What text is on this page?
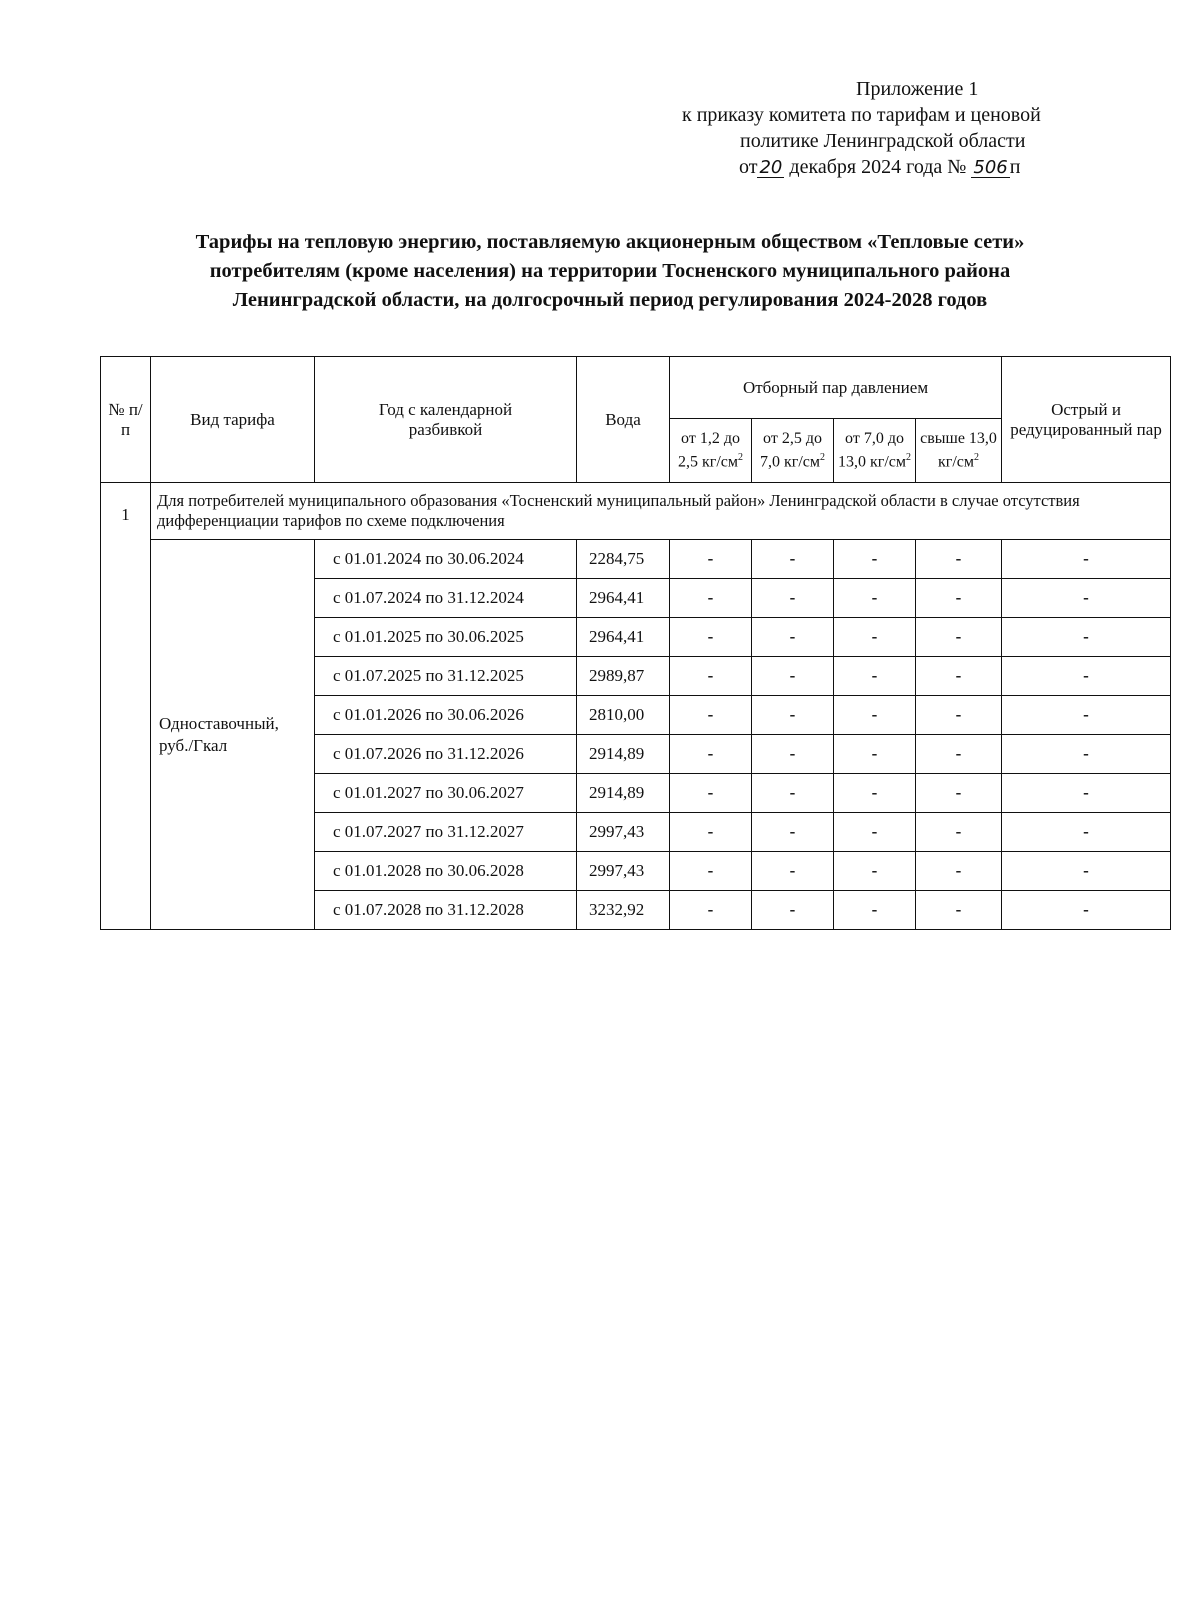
Приложение 1
к приказу комитета по тарифам и ценовой
политике Ленинградской области
от 20 декабря 2024 года № 506 п
Тарифы на тепловую энергию, поставляемую акционерным обществом «Тепловые сети»
потребителям (кроме населения) на территории Тосненского муниципального района
Ленинградской области, на долгосрочный период регулирования 2024-2028 годов
№ п/п	Вид тарифа	Год с календарной разбивкой	Вода	Отборный пар давлением				Острый и редуцированный пар
				от 1,2 до 2,5 $кг/см^2$	от 2,5 до 7,0 $кг/см^2$	от 7,0 до 13,0 $кг/см^2$	свыше 13,0 $кг/см^2$
1	Для потребителей муниципального образования «Тосненский муниципальный район» Ленинградской области в случае отсутствия дифференциации тарифов по схеме подключения							
	Одноставочный, руб./Гкал	с 01.01.2024 по 30.06.2024	2284,75	-	-	-	-	-
		с 01.07.2024 по 31.12.2024	2964,41	-	-	-	-	-
		с 01.01.2025 по 30.06.2025	2964,41	-	-	-	-	-
		с 01.07.2025 по 31.12.2025	2989,87	-	-	-	-	-
		с 01.01.2026 по 30.06.2026	2810,00	-	-	-	-	-
		с 01.07.2026 по 31.12.2026	2914,89	-	-	-	-	-
		с 01.01.2027 по 30.06.2027	2914,89	-	-	-	-	-
		с 01.07.2027 по 31.12.2027	2997,43	-	-	-	-	-
		с 01.01.2028 по 30.06.2028	2997,43	-	-	-	-	-
		с 01.07.2028 по 31.12.2028	3232,92	-	-	-	-	-
